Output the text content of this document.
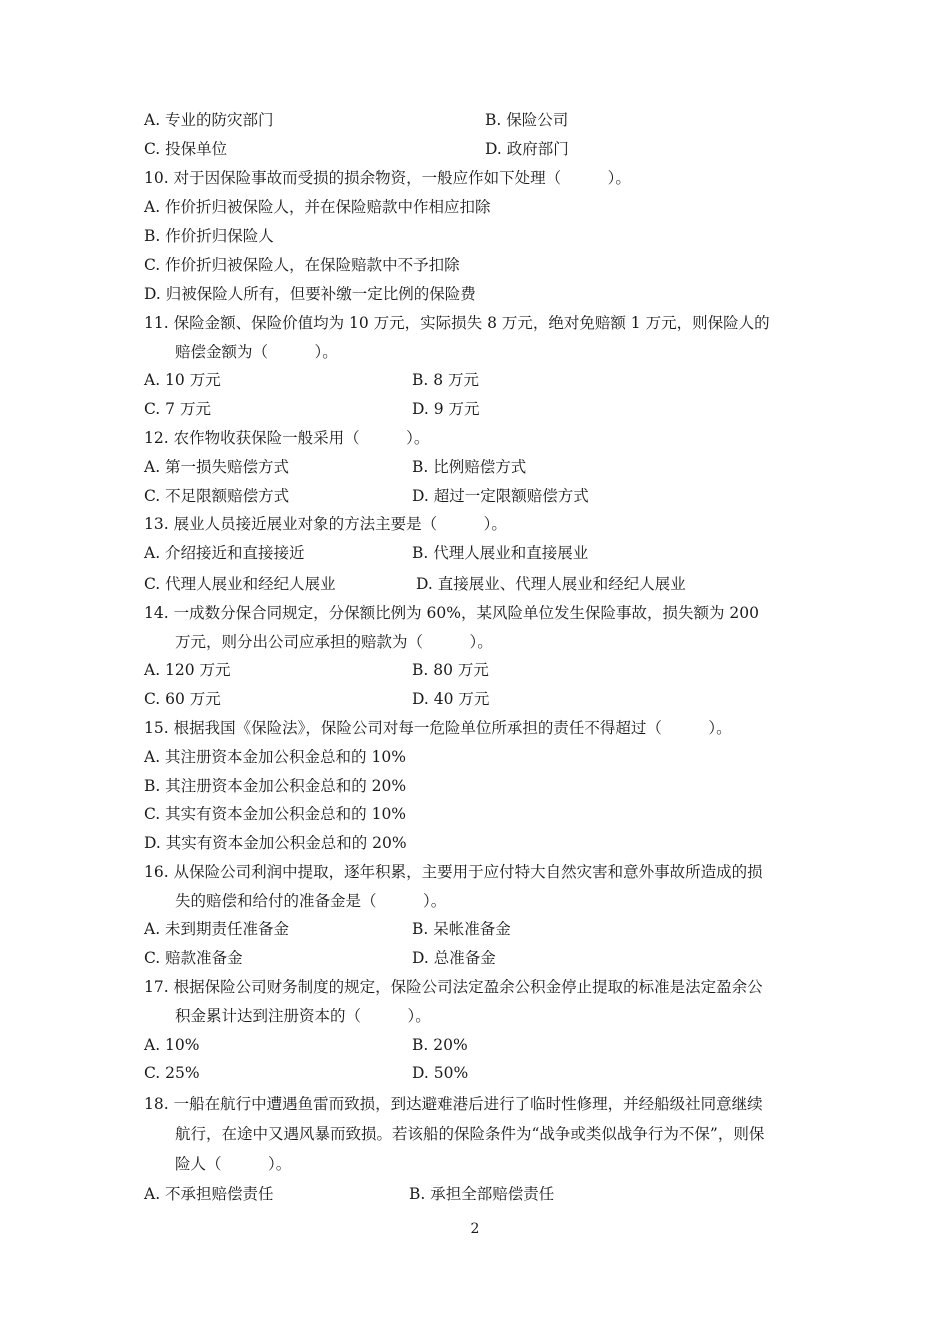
A. 专业的防灾部门	B. 保险公司
C. 投保单位	D. 政府部门
10. 对于因保险事故而受损的损余物资，一般应作如下处理（　　　）。
A. 作价折归被保险人，并在保险赔款中作相应扣除
B. 作价折归保险人
C. 作价折归被保险人，在保险赔款中不予扣除
D. 归被保险人所有，但要补缴一定比例的保险费
11. 保险金额、保险价值均为 10 万元，实际损失 8 万元，绝对免赔额 1 万元，则保险人的
赔偿金额为（　　　）。
A. 10 万元	B. 8 万元
C. 7 万元	D. 9 万元
12. 农作物收获保险一般采用（　　　）。
A. 第一损失赔偿方式	B. 比例赔偿方式
C. 不足限额赔偿方式	D. 超过一定限额赔偿方式
13. 展业人员接近展业对象的方法主要是（　　　）。
A. 介绍接近和直接接近	B. 代理人展业和直接展业
C. 代理人展业和经纪人展业	D. 直接展业、代理人展业和经纪人展业
14. 一成数分保合同规定，分保额比例为 60%，某风险单位发生保险事故，损失额为 200
万元，则分出公司应承担的赔款为（　　　）。
A. 120 万元	B. 80 万元
C. 60 万元	D. 40 万元
15. 根据我国《保险法》，保险公司对每一危险单位所承担的责任不得超过（　　　）。
A. 其注册资本金加公积金总和的 10%
B. 其注册资本金加公积金总和的 20%
C. 其实有资本金加公积金总和的 10%
D. 其实有资本金加公积金总和的 20%
16. 从保险公司利润中提取，逐年积累，主要用于应付特大自然灾害和意外事故所造成的损
失的赔偿和给付的准备金是（　　　）。
A. 未到期责任准备金	B. 呆帐准备金
C. 赔款准备金	D. 总准备金
17. 根据保险公司财务制度的规定，保险公司法定盈余公积金停止提取的标准是法定盈余公
积金累计达到注册资本的（　　　）。
A. 10%	B. 20%
C. 25%	D. 50%
18. 一船在航行中遭遇鱼雷而致损，到达避难港后进行了临时性修理，并经船级社同意继续
航行，在途中又遇风暴而致损。若该船的保险条件为“战争或类似战争行为不保”，则保
险人（　　　）。
A. 不承担赔偿责任	B. 承担全部赔偿责任
2
